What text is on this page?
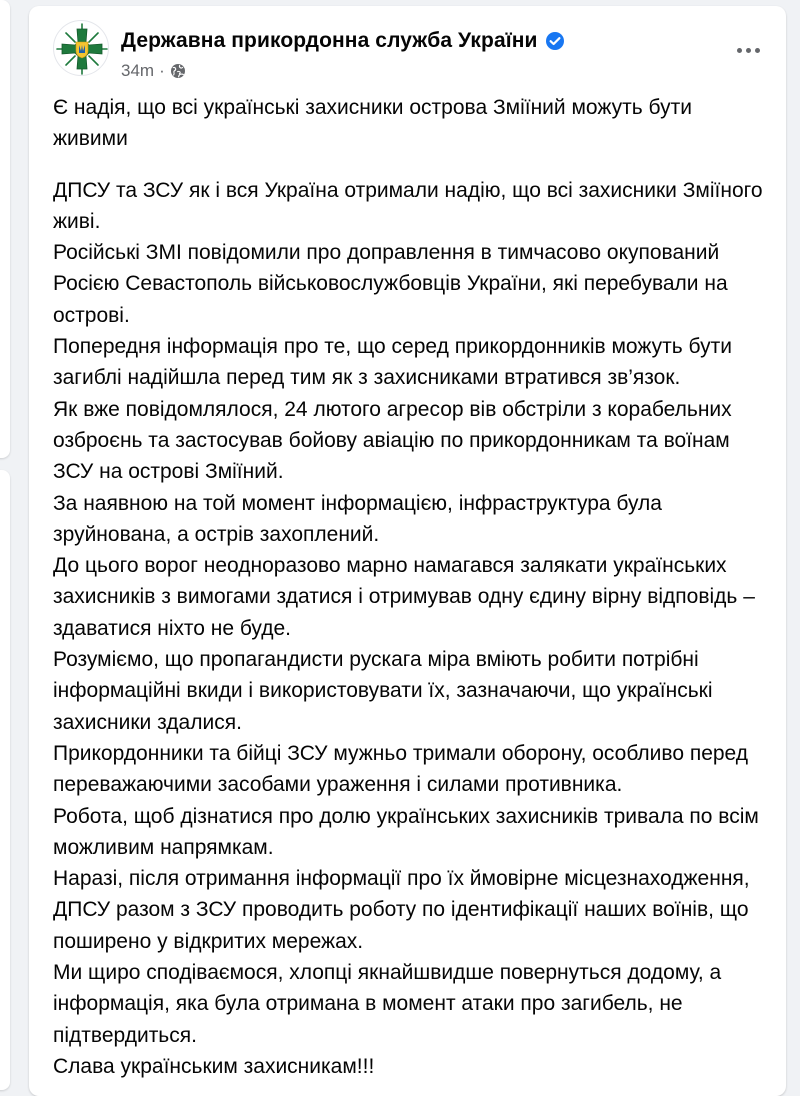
Державна прикордонна служба України
34m ·

Є надія, що всі українські захисники острова Зміїний можуть бути живими

ДПСУ та ЗСУ як і вся Україна отримали надію, що всі захисники Зміїного живі.

Російські ЗМІ повідомили про доправлення в тимчасово окупований Росією Севастополь військовослужбовців України, які перебували на острові.

Попередня інформація про те, що серед прикордонників можуть бути загиблі надійшла перед тим як з захисниками втратився зв’язок.

Як вже повідомлялося, 24 лютого агресор вів обстріли з корабельних озброєнь та застосував бойову авіацію по прикордонникам та воїнам ЗСУ на острові Зміїний.

За наявною на той момент інформацією, інфраструктура була зруйнована, а острів захоплений.

До цього ворог неодноразово марно намагався залякати українських захисників з вимогами здатися і отримував одну єдину вірну відповідь – здаватися ніхто не буде.

Розуміємо, що пропагандисти рускага міра вміють робити потрібні інформаційні вкиди і використовувати їх, зазначаючи, що українські захисники здалися.

Прикордонники та бійці ЗСУ мужньо тримали оборону, особливо перед переважаючими засобами ураження і силами противника.

Робота, щоб дізнатися про долю українських захисників тривала по всім можливим напрямкам.

Наразі, після отримання інформації про їх ймовірне місцезнаходження, ДПСУ разом з ЗСУ проводить роботу по ідентифікації наших воїнів, що поширено у відкритих мережах.

Ми щиро сподіваємося, хлопці якнайшвидше повернуться додому, а інформація, яка була отримана в момент атаки про загибель, не підтвердиться.

Слава українським захисникам!!!
